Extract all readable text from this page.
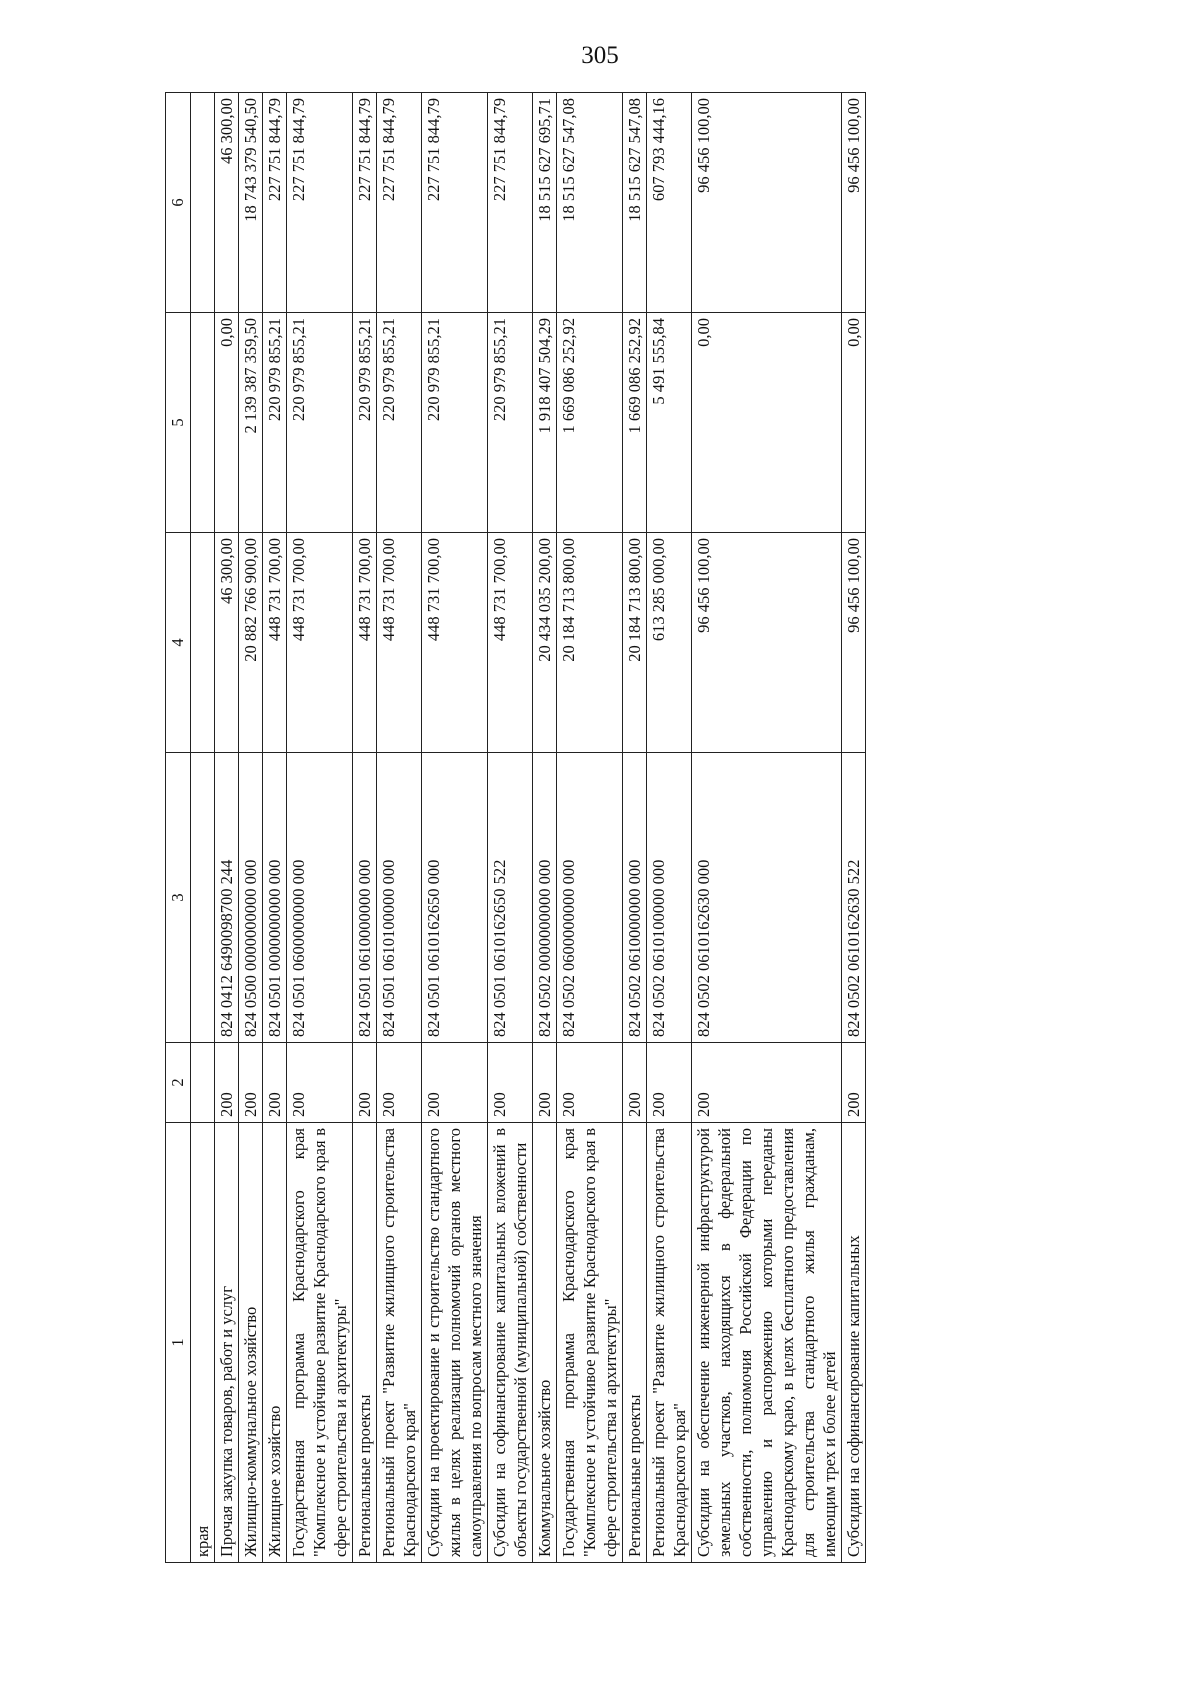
305
1	2	3	4	5	6
края					
Прочая закупка товаров, работ и услуг	200	824 0412 6490098700 244	46 300,00	0,00	46 300,00
Жилищно-коммунальное хозяйство	200	824 0500 0000000000 000	20 882 766 900,00	2 139 387 359,50	18 743 379 540,50
Жилищное хозяйство	200	824 0501 0000000000 000	448 731 700,00	220 979 855,21	227 751 844,79
Государственная программа Краснодарского края "Комплексное и устойчивое развитие Краснодарского края в сфере строительства и архитектуры"	200	824 0501 0600000000 000	448 731 700,00	220 979 855,21	227 751 844,79
Региональные проекты	200	824 0501 0610000000 000	448 731 700,00	220 979 855,21	227 751 844,79
Региональный проект "Развитие жилищного строительства Краснодарского края"	200	824 0501 0610100000 000	448 731 700,00	220 979 855,21	227 751 844,79
Субсидии на проектирование и строительство стандартного жилья в целях реализации полномочий органов местного самоуправления по вопросам местного значения	200	824 0501 0610162650 000	448 731 700,00	220 979 855,21	227 751 844,79
Субсидии на софинансирование капитальных вложений в объекты государственной (муниципальной) собственности	200	824 0501 0610162650 522	448 731 700,00	220 979 855,21	227 751 844,79
Коммунальное хозяйство	200	824 0502 0000000000 000	20 434 035 200,00	1 918 407 504,29	18 515 627 695,71
Государственная программа Краснодарского края "Комплексное и устойчивое развитие Краснодарского края в сфере строительства и архитектуры"	200	824 0502 0600000000 000	20 184 713 800,00	1 669 086 252,92	18 515 627 547,08
Региональные проекты	200	824 0502 0610000000 000	20 184 713 800,00	1 669 086 252,92	18 515 627 547,08
Региональный проект "Развитие жилищного строительства Краснодарского края"	200	824 0502 0610100000 000	613 285 000,00	5 491 555,84	607 793 444,16
Субсидии на обеспечение инженерной инфраструктурой земельных участков, находящихся в федеральной собственности, полномочия Российской Федерации по управлению и распоряжению которыми переданы Краснодарскому краю, в целях бесплатного предоставления для строительства стандартного жилья гражданам, имеющим трех и более детей	200	824 0502 0610162630 000	96 456 100,00	0,00	96 456 100,00
Субсидии на софинансирование капитальных	200	824 0502 0610162630 522	96 456 100,00	0,00	96 456 100,00
